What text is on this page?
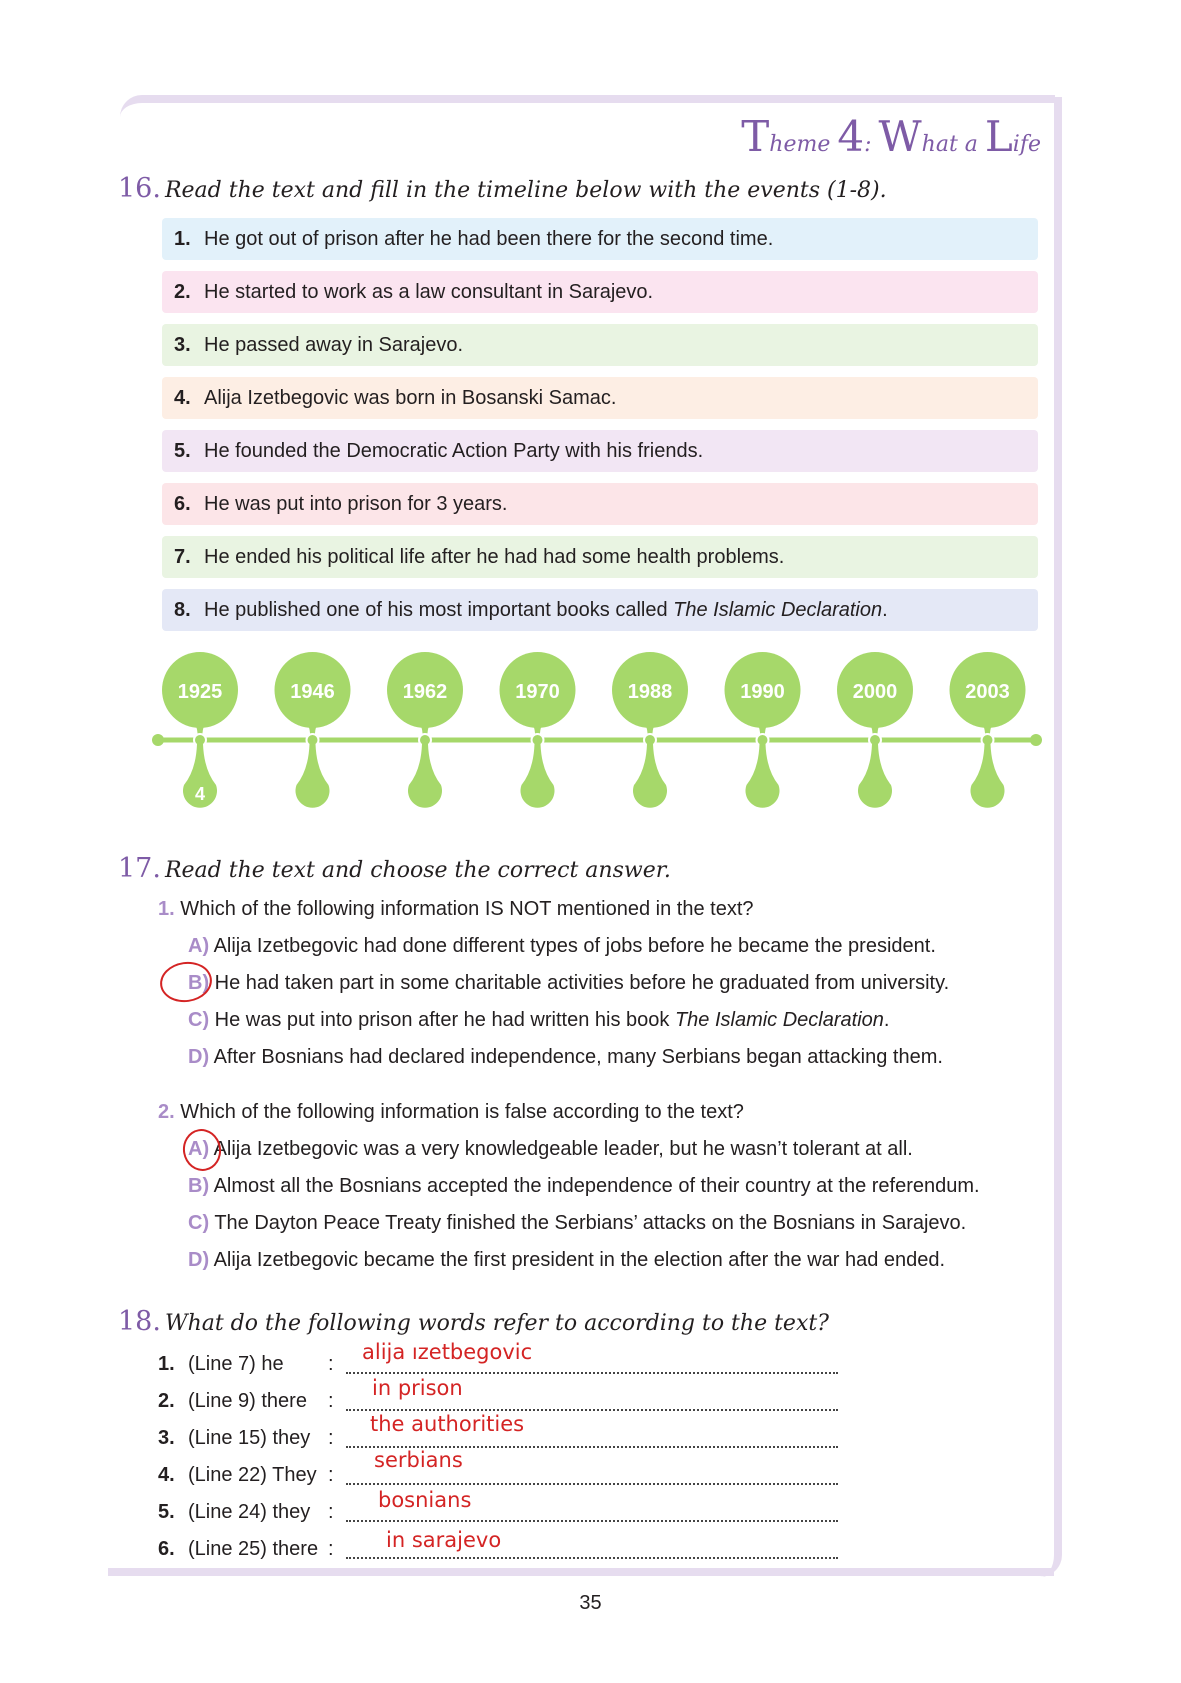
Theme 4: What a Life
16. Read the text and fill in the timeline below with the events (1-8).
1. He got out of prison after he had been there for the second time.
2. He started to work as a law consultant in Sarajevo.
3. He passed away in Sarajevo.
4. Alija Izetbegovic was born in Bosanski Samac.
5. He founded the Democratic Action Party with his friends.
6. He was put into prison for 3 years.
7. He ended his political life after he had had some health problems.
8. He published one of his most important books called The Islamic Declaration.
1925
4
1946	1962	1970	1988	1990	2000	2003
17. Read the text and choose the correct answer.
1. Which of the following information IS NOT mentioned in the text?
A) Alija Izetbegovic had done different types of jobs before he became the president.
B) He had taken part in some charitable activities before he graduated from university.
C) He was put into prison after he had written his book The Islamic Declaration.
D) After Bosnians had declared independence, many Serbians began attacking them.
2. Which of the following information is false according to the text?
A) Alija Izetbegovic was a very knowledgeable leader, but he wasn’t tolerant at all.
B) Almost all the Bosnians accepted the independence of their country at the referendum.
C) The Dayton Peace Treaty finished the Serbians’ attacks on the Bosnians in Sarajevo.
D) Alija Izetbegovic became the first president in the election after the war had ended.
18. What do the following words refer to according to the text?
1. (Line 7) he : alija ızetbegovic
2. (Line 9) there :
in prison
3. (Line 15) they :
the authorities
4. (Line 22) They :
serbians
5. (Line 24) they : bosnians
6. (Line 25) there : in sarajevo
35
